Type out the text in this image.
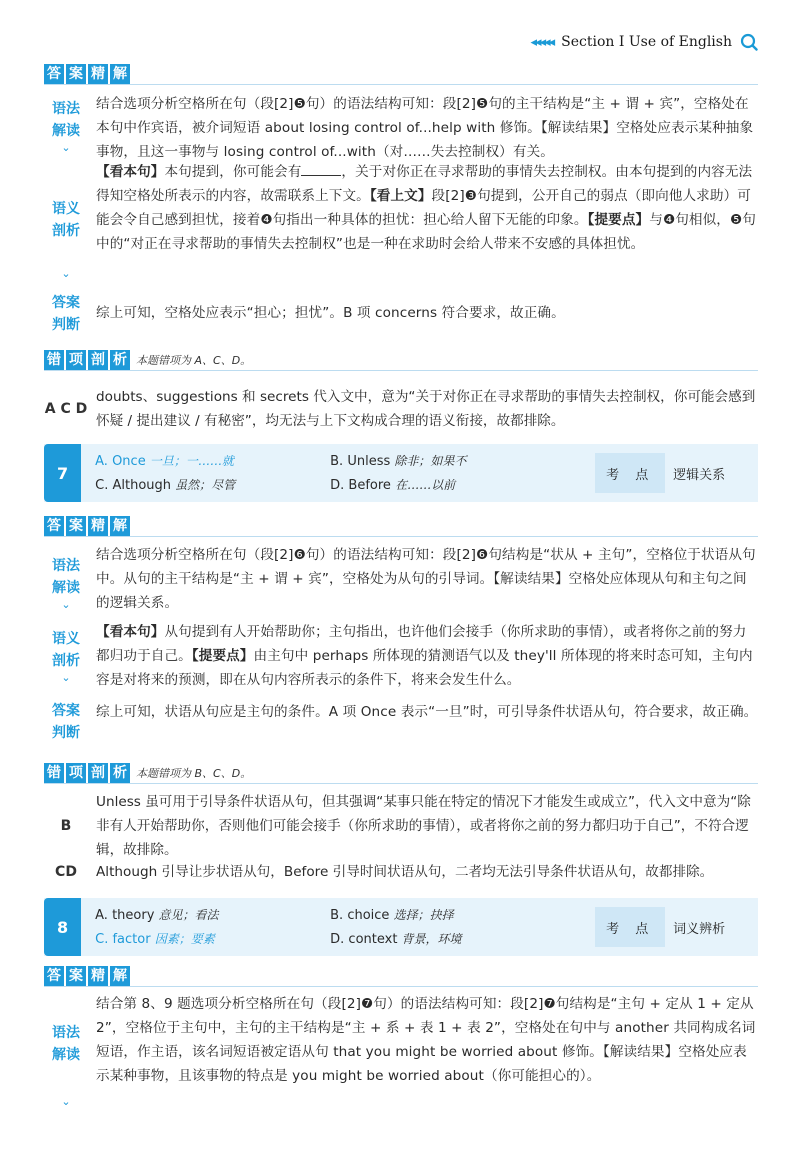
◂◂◂◂◂ Section I Use of English
答 案 精 解
语法
解读
⌄
结合选项分析空格所在句（段[2]❺句）的语法结构可知：段[2]❺句的主干结构是“主 + 谓 + 宾”，空格处在本句中作宾语，被介词短语 about losing control of...help with 修饰。【解读结果】空格处应表示某种抽象事物，且这一事物与 losing control of...with（对……失去控制权）有关。
语义
剖析
⌄
【看本句】本句提到，你可能会有	，关于对你正在寻求帮助的事情失去控制权。由本句提到的内容无法得知空格处所表示的内容，故需联系上下文。【看上文】段[2]❸句提到，公开自己的弱点（即向他人求助）可能会令自己感到担忧，接着❹句指出一种具体的担忧：担心给人留下无能的印象。【提要点】与❹句相似，❺句中的“对正在寻求帮助的事情失去控制权”也是一种在求助时会给人带来不安感的具体担忧。
答案
判断
综上可知，空格处应表示“担心；担忧”。B 项 concerns 符合要求，故正确。
错 项 剖 析 本题错项为 A、C、D。
A C D
doubts、suggestions 和 secrets 代入文中，意为“关于对你正在寻求帮助的事情失去控制权，你可能会感到怀疑 / 提出建议 / 有秘密”，均无法与上下文构成合理的语义衔接，故都排除。
7
A. Once 一旦；一……就	B. Unless 除非；如果不
C. Although 虽然；尽管	D. Before 在……以前
考 点	逻辑关系
答 案 精 解
语法
解读
⌄
结合选项分析空格所在句（段[2]❻句）的语法结构可知：段[2]❻句结构是“状从 + 主句”，空格位于状语从句中。从句的主干结构是“主 + 谓 + 宾”，空格处为从句的引导词。【解读结果】空格处应体现从句和主句之间的逻辑关系。
语义
剖析
⌄
【看本句】从句提到有人开始帮助你；主句指出，也许他们会接手（你所求助的事情），或者将你之前的努力都归功于自己。【提要点】由主句中 perhaps 所体现的猜测语气以及 they'll 所体现的将来时态可知，主句内容是对将来的预测，即在从句内容所表示的条件下，将来会发生什么。
答案
判断
综上可知，状语从句应是主句的条件。A 项 Once 表示“一旦”时，可引导条件状语从句，符合要求，故正确。
错 项 剖 析 本题错项为 B、C、D。
B
Unless 虽可用于引导条件状语从句，但其强调“某事只能在特定的情况下才能发生或成立”，代入文中意为“除非有人开始帮助你，否则他们可能会接手（你所求助的事情），或者将你之前的努力都归功于自己”，不符合逻辑，故排除。
CD	Although 引导让步状语从句，Before 引导时间状语从句，二者均无法引导条件状语从句，故都排除。
8
A. theory 意见；看法	B. choice 选择；抉择
C. factor 因素；要素	D. context 背景，环境
考 点	词义辨析
答 案 精 解
语法
解读
⌄
结合第 8、9 题选项分析空格所在句（段[2]❼句）的语法结构可知：段[2]❼句结构是“主句 + 定从 1 + 定从 2”，空格位于主句中，主句的主干结构是“主 + 系 + 表 1 + 表 2”，空格处在句中与 another 共同构成名词短语，作主语，该名词短语被定语从句 that you might be worried about 修饰。【解读结果】空格处应表示某种事物，且该事物的特点是 you might be worried about（你可能担心的）。
